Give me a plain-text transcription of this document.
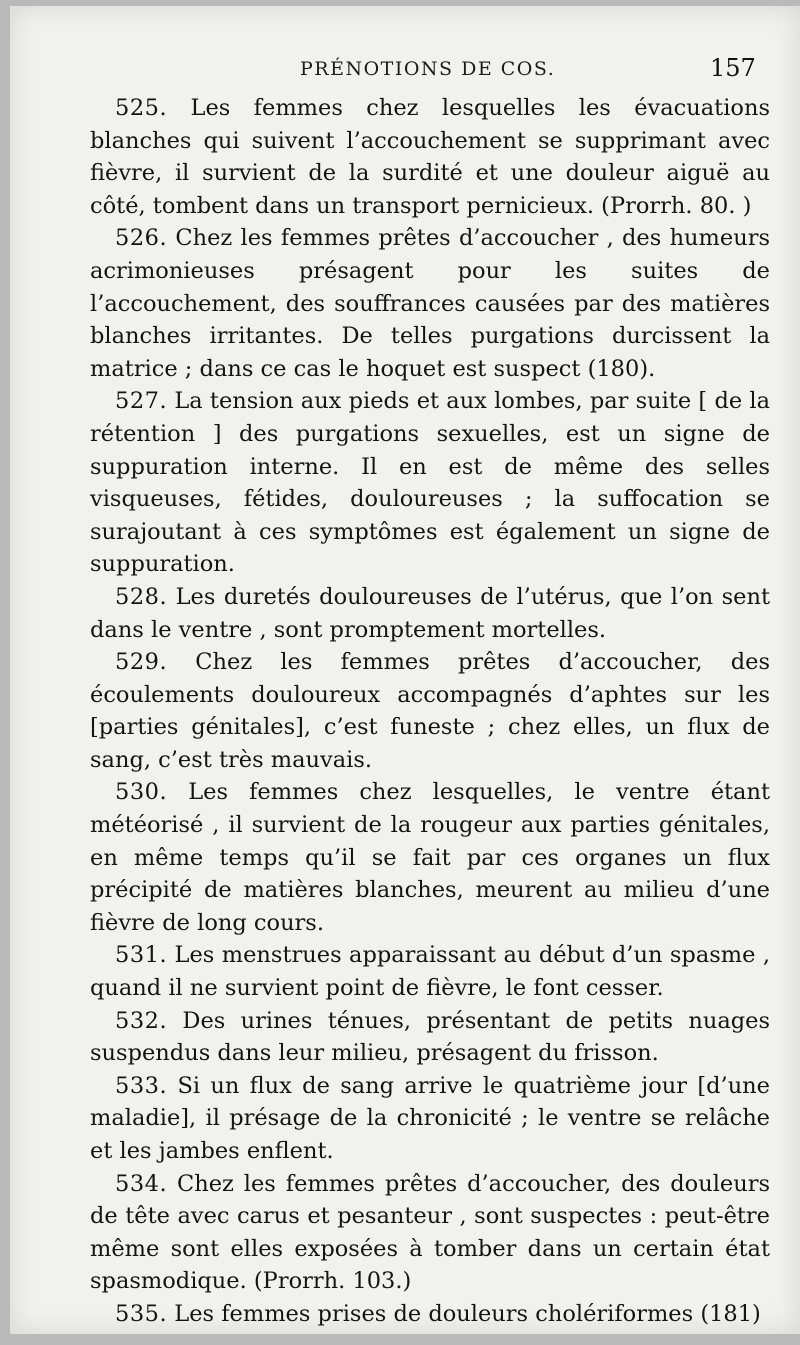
PRÉNOTIONS DE COS.	157

525. Les femmes chez lesquelles les évacuations blanches qui suivent l’accouchement se supprimant avec fièvre, il survient de la surdité et une douleur aiguë au côté, tombent dans un transport pernicieux. (Prorrh. 80. )

526. Chez les femmes prêtes d’accoucher , des humeurs acrimonieuses présagent pour les suites de l’accouchement, des souffrances causées par des matières blanches irritantes. De telles purgations durcissent la matrice ; dans ce cas le hoquet est suspect (180).

527. La tension aux pieds et aux lombes, par suite [ de la rétention ] des purgations sexuelles, est un signe de suppuration interne. Il en est de même des selles visqueuses, fétides, douloureuses ; la suffocation se surajoutant à ces symptômes est également un signe de suppuration.

528. Les duretés douloureuses de l’utérus, que l’on sent dans le ventre , sont promptement mortelles.

529. Chez les femmes prêtes d’accoucher, des écoulements douloureux accompagnés d’aphtes sur les [parties génitales], c’est funeste ; chez elles, un flux de sang, c’est très mauvais.

530. Les femmes chez lesquelles, le ventre étant météorisé , il survient de la rougeur aux parties génitales, en même temps qu’il se fait par ces organes un flux précipité de matières blanches, meurent au milieu d’une fièvre de long cours.

531. Les menstrues apparaissant au début d’un spasme , quand il ne survient point de fièvre, le font cesser.

532. Des urines ténues, présentant de petits nuages suspendus dans leur milieu, présagent du frisson.

533. Si un flux de sang arrive le quatrième jour [d’une maladie], il présage de la chronicité ; le ventre se relâche et les jambes enflent.

534. Chez les femmes prêtes d’accoucher, des douleurs de tête avec carus et pesanteur , sont suspectes : peut-être même sont elles exposées à tomber dans un certain état spasmodique. (Prorrh. 103.)

535. Les femmes prises de douleurs cholériformes (181)
